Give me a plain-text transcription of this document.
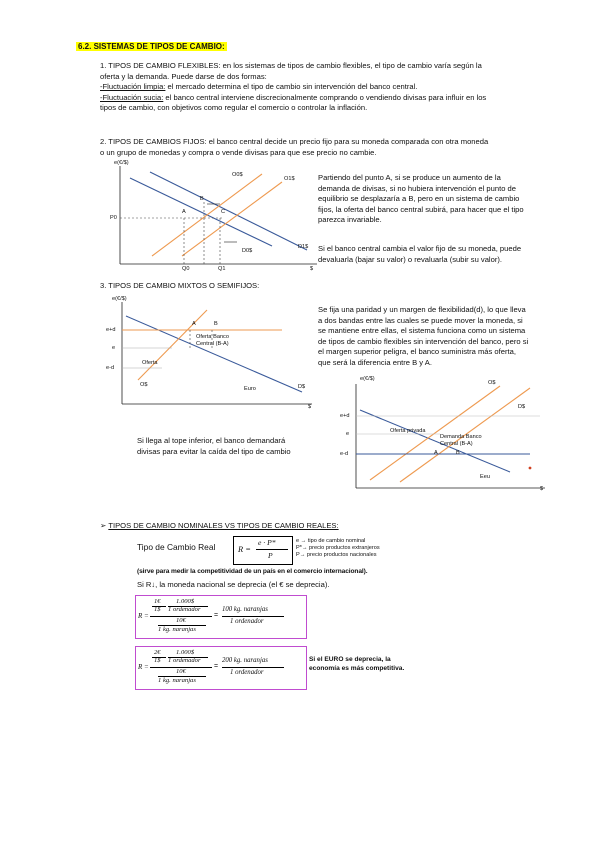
6.2. SISTEMAS DE TIPOS DE CAMBIO:
1. TIPOS DE CAMBIO FLEXIBLES: en los sistemas de tipos de cambio flexibles, el tipo de cambio varía según la
oferta y la demanda. Puede darse de dos formas:
-Fluctuación limpia: el mercado determina el tipo de cambio sin intervención del banco central.
-Fluctuación sucia: el banco central interviene discrecionalmente comprando o vendiendo divisas para influir en los
tipos de cambio, con objetivos como regular el comercio o controlar la inflación.
2. TIPOS DE CAMBIOS FIJOS: el banco central decide un precio fijo para su moneda comparada con otra moneda
o un grupo de monedas y compra o vende divisas para que ese precio no cambie.
e(€/$)
$
P0
Q0	Q1
A
B
C
O0$
O1$
D0$
D1$
Partiendo del punto A, si se produce un aumento de la
demanda de divisas, si no hubiera intervención el punto de
equilibrio se desplazaría a B, pero en un sistema de cambio
fijos, la oferta del banco central subirá, para hacer que el tipo
parezca invariable.
Si el banco central cambia el valor fijo de su moneda, puede
devaluarla (bajar su valor) o revaluarla (subir su valor).
3. TIPOS DE CAMBIO MIXTOS O SEMIFIJOS:
e(€/$)
$
e+d
e
e-d
Oferta
O$	D$
Euro
Oferta Banco Central (B-A)
A	B
Se fija una paridad y un margen de flexibilidad(d), lo que lleva
a dos bandas entre las cuales se puede mover la moneda, si
se mantiene entre ellas, el sistema funciona como un sistema
de tipos de cambio flexibles sin intervención del banco, pero si
el margen superior peligra, el banco suministra más oferta,
que será la diferencia entre B y A.
e(€/$)
$
e+d
e
e-d
Oferta privada
O$
D$
Eeu
Demanda Banco Central (B-A)
A	B
Si llega al tope inferior, el banco demandará
divisas para evitar la caída del tipo de cambio
➢ TIPOS DE CAMBIO NOMINALES VS TIPOS DE CAMBIO REALES:
Tipo de Cambio Real	R =
e · P*
P
e → tipo de cambio nominal
P*→ precio productos extranjeros
P→ precio productos nacionales
(sirve para medir la competitividad de un país en el comercio internacional).
Si R↓, la moneda nacional se deprecia (el € se deprecia).
R =
1€
1$
1.000$
1 ordenador
10€
1 kg. naranjas
=
100 kg. naranjas
1 ordenador
R =
2€
1$
1.000$
1 ordenador
10€
1 kg. naranjas
=
200 kg. naranjas
1 ordenador
Si el EURO se deprecia, la
economía es más competitiva.
